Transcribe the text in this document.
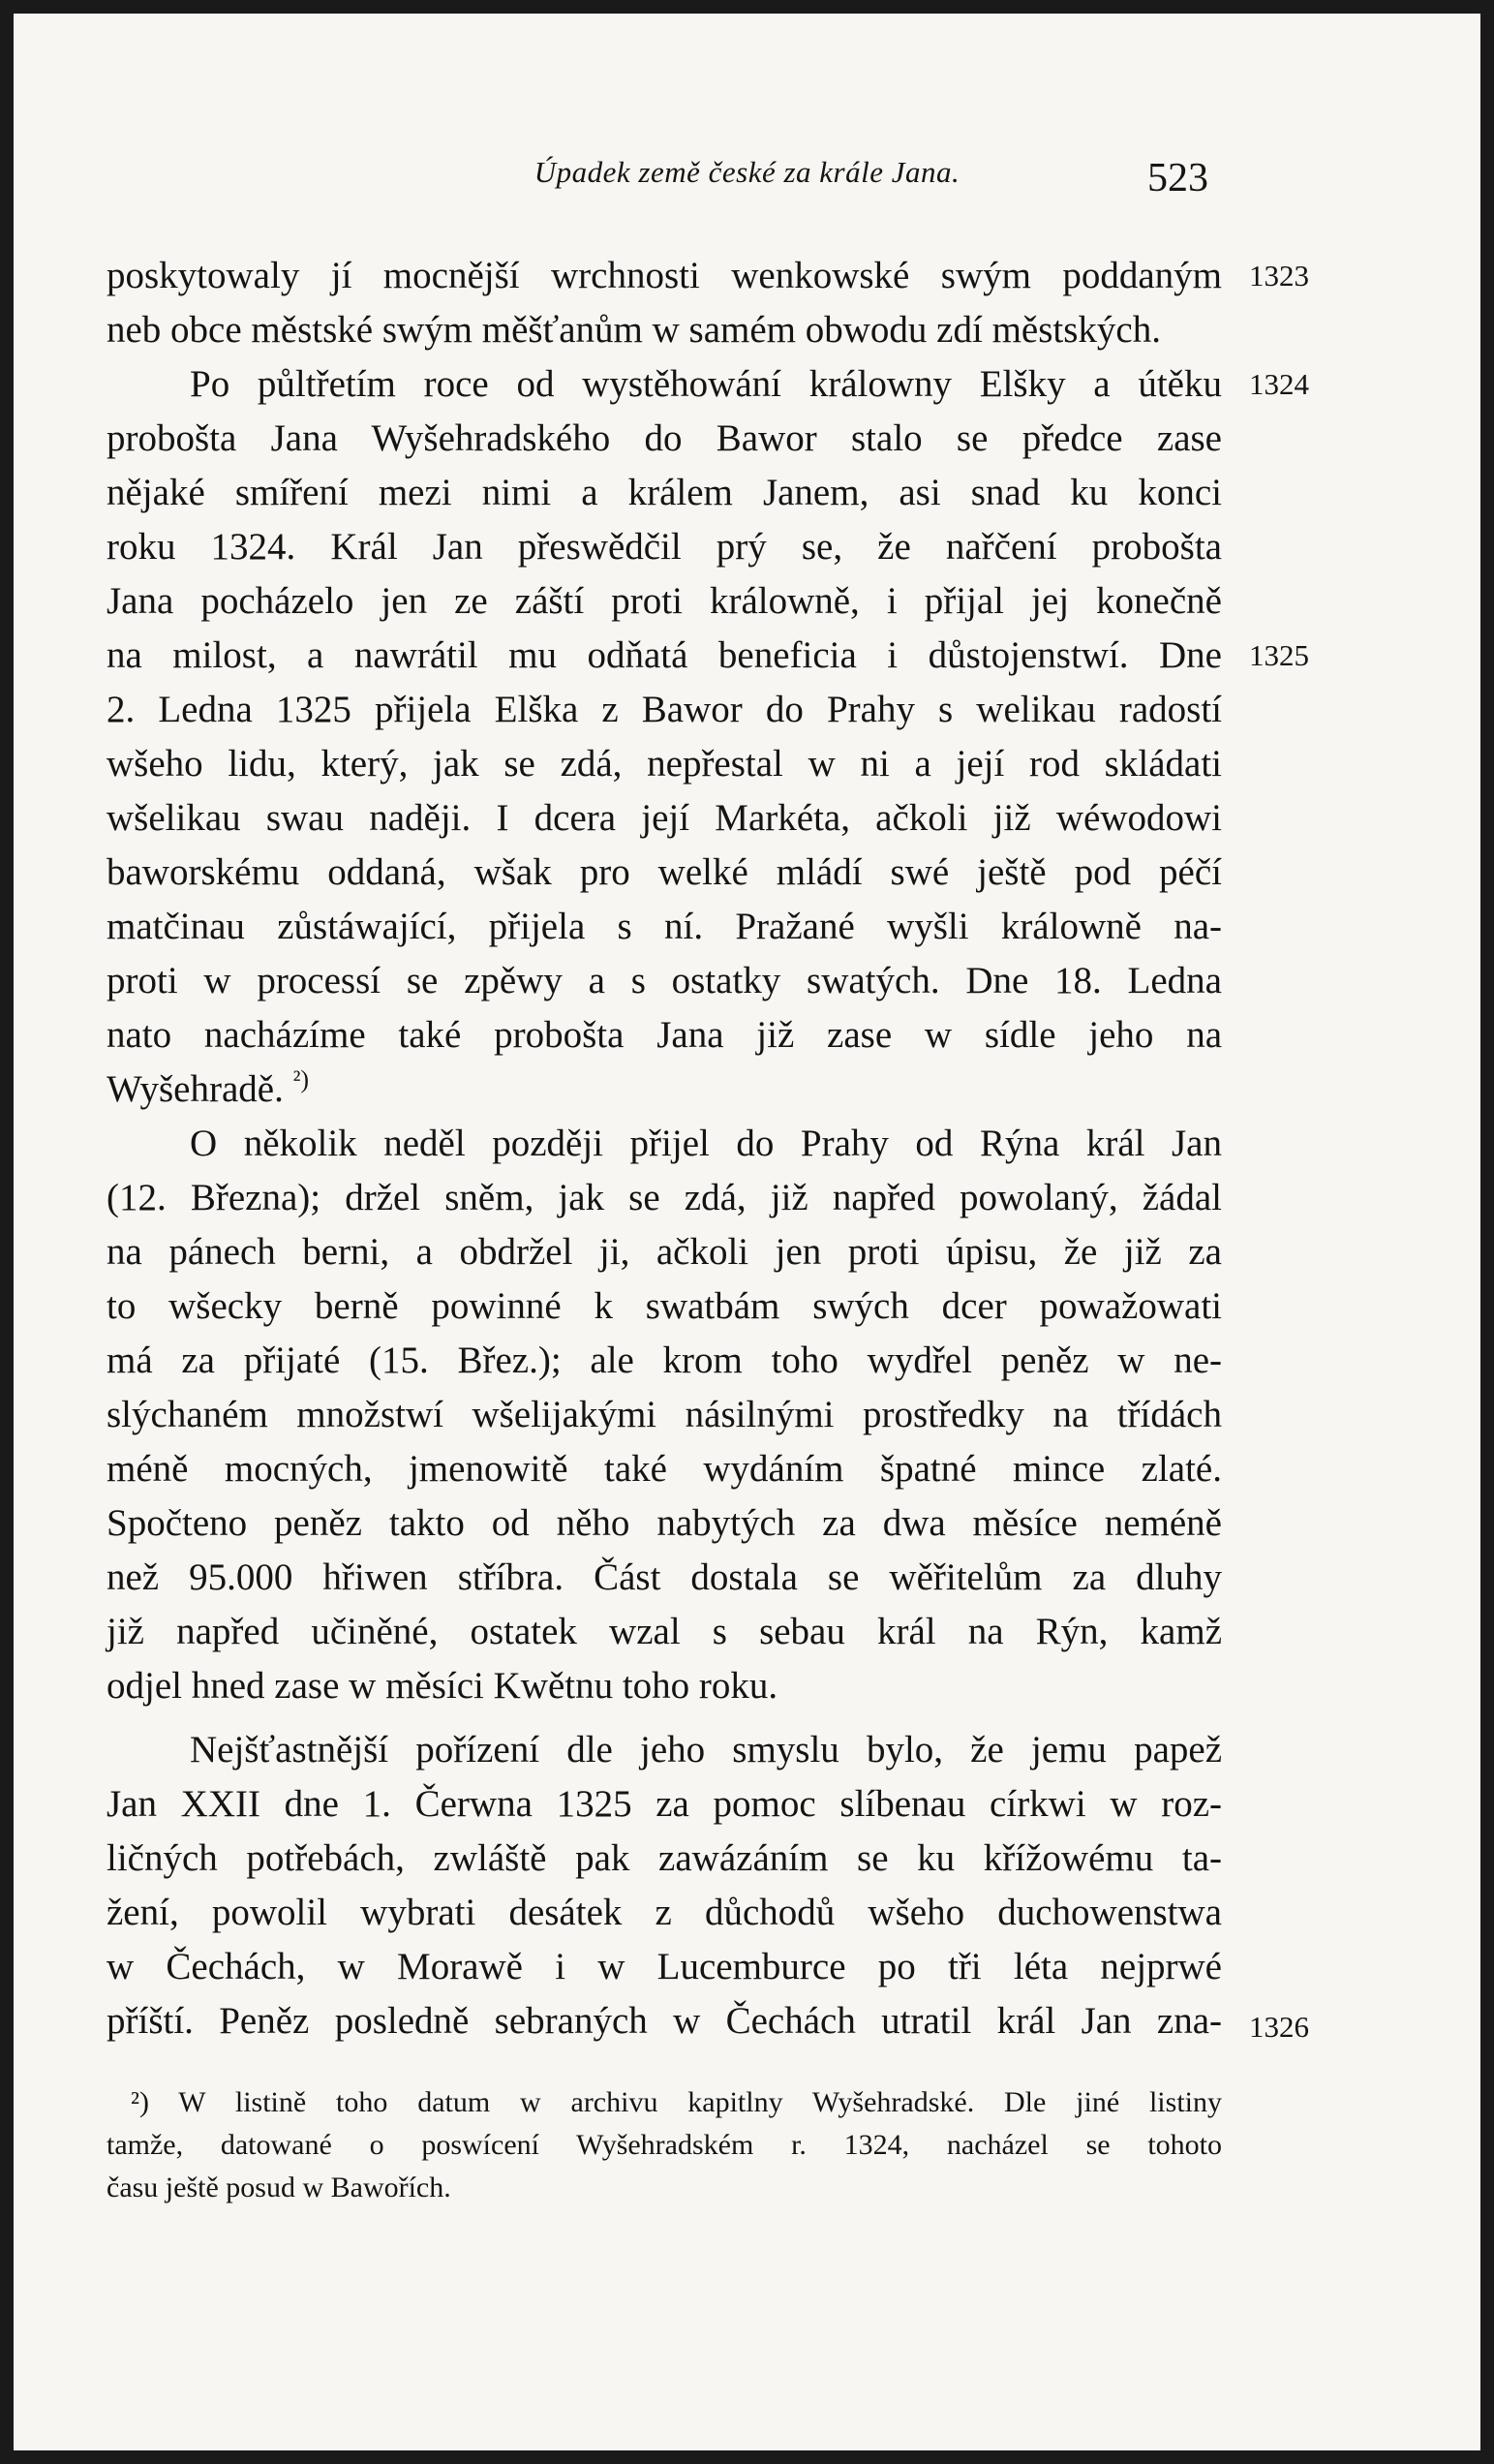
Úpadek země české za krále Jana.	523
poskytowaly jí mocnější wrchnosti wenkowské swým poddaným
neb obce městské swým měšťanům w samém obwodu zdí městských.
Po půltřetím roce od wystěhowání králowny Elšky a útěku
probošta Jana Wyšehradského do Bawor stalo se předce zase
nějaké smíření mezi nimi a králem Janem, asi snad ku konci
roku 1324. Král Jan přeswědčil prý se, že nařčení probošta
Jana pocházelo jen ze záští proti králowně, i přijal jej konečně
na milost, a nawrátil mu odňatá beneficia i důstojenstwí. Dne
2. Ledna 1325 přijela Elška z Bawor do Prahy s welikau radostí
wšeho lidu, který, jak se zdá, nepřestal w ni a její rod skládati
wšelikau swau naději. I dcera její Markéta, ačkoli již wéwodowi
baworskému oddaná, wšak pro welké mládí swé ještě pod péčí
matčinau zůstáwající, přijela s ní. Pražané wyšli králowně na-
proti w processí se zpěwy a s ostatky swatých. Dne 18. Ledna
nato nacházíme také probošta Jana již zase w sídle jeho na
Wyšehradě. $^{^2)}$
O několik neděl později přijel do Prahy od Rýna král Jan
(12. Března); držel sněm, jak se zdá, již napřed powolaný, žádal
na pánech berni, a obdržel ji, ačkoli jen proti úpisu, že již za
to wšecky berně powinné k swatbám swých dcer powažowati
má za přijaté (15. Břez.); ale krom toho wydřel peněz w ne-
slýchaném množstwí wšelijakými násilnými prostředky na třídách
méně mocných, jmenowitě také wydáním špatné mince zlaté.
Spočteno peněz takto od něho nabytých za dwa měsíce neméně
než 95.000 hřiwen stříbra. Část dostala se wěřitelům za dluhy
již napřed učiněné, ostatek wzal s sebau král na Rýn, kamž
odjel hned zase w měsíci Kwětnu toho roku.
Nejšťastnější pořízení dle jeho smyslu bylo, že jemu papež
Jan XXII dne 1. Čerwna 1325 za pomoc slíbenau církwi w roz-
ličných potřebách, zwláště pak zawázáním se ku křížowému ta-
žení, powolil wybrati desátek z důchodů wšeho duchowenstwa
w Čechách, w Morawě i w Lucemburce po tři léta nejprwé
příští. Peněz posledně sebraných w Čechách utratil král Jan zna-
1323
1324
1325
1326
²) W listině toho datum w archivu kapitlny Wyšehradské. Dle jiné listiny
tamže, datowané o poswícení Wyšehradském r. 1324, nacházel se tohoto
času ještě posud w Bawořích.
